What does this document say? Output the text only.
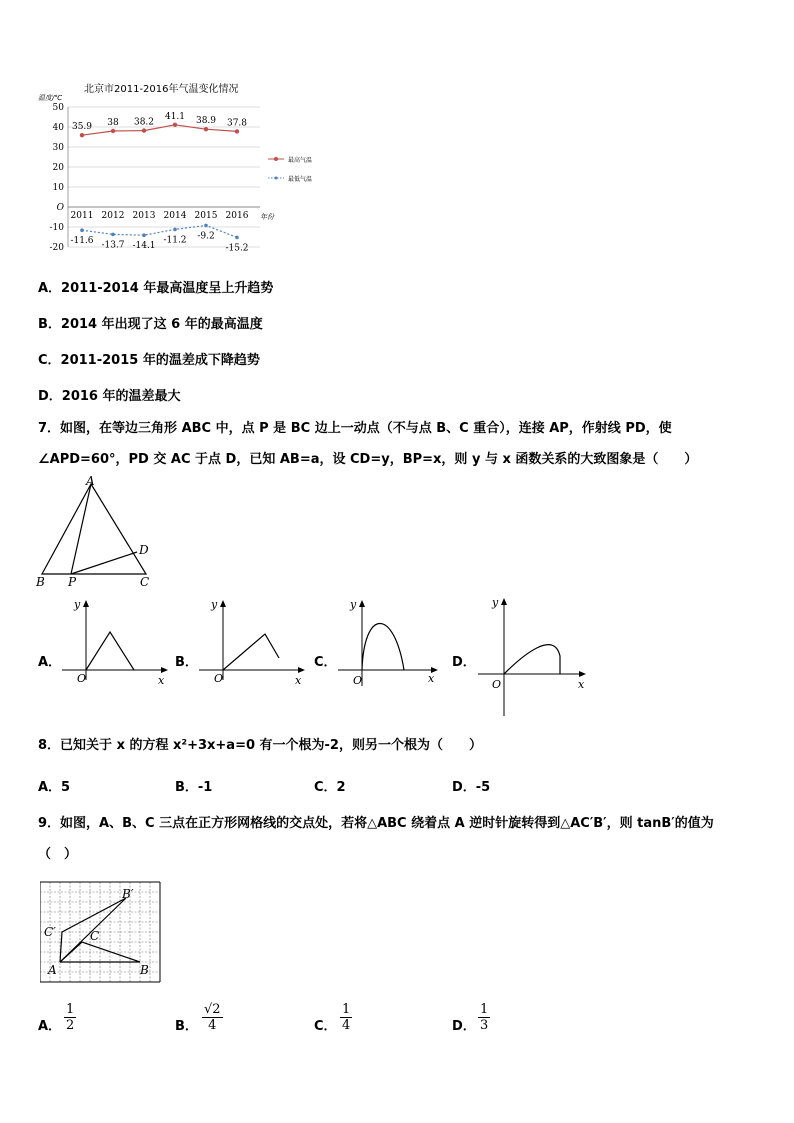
北京市2011-2016年气温变化情况
温度/℃
年份
50
40
30
20
10
O
-10
-20
2011 2012 2013 2014 2015 2016
35.9 38 38.2
41.1 38.9 37.8
-11.6 -13.7 -14.1
-11.2 -9.2
-15.2
最高气温
最低气温
A．2011-2014 年最高温度呈上升趋势
B．2014 年出现了这 6 年的最高温度
C．2011-2015 年的温差成下降趋势
D．2016 年的温差最大
7．如图，在等边三角形 ABC 中，点 P 是 BC 边上一动点（不与点 B、C 重合），连接 AP，作射线 PD，使
∠APD=60°，PD 交 AC 于点 D，已知 AB=a，设 CD=y，BP=x，则 y 与 x 函数关系的大致图象是（　　）
A
B	C
D
P
A．
y
x
O
B．
y
x
O
C．
y
x
O
D．
y
x
O
8．已知关于 x 的方程 x²+3x+a=0 有一个根为-2，则另一个根为（　　）
A．5	B．-1	C．2	D．-5
9．如图，A、B、C 三点在正方形网格线的交点处，若将△ABC 绕着点 A 逆时针旋转得到△AC′B′，则 tanB′的值为
（　）
A	B
C
C′
B′
A．
1
2	B．
√2
4	C．
1
4	D．
1
3
